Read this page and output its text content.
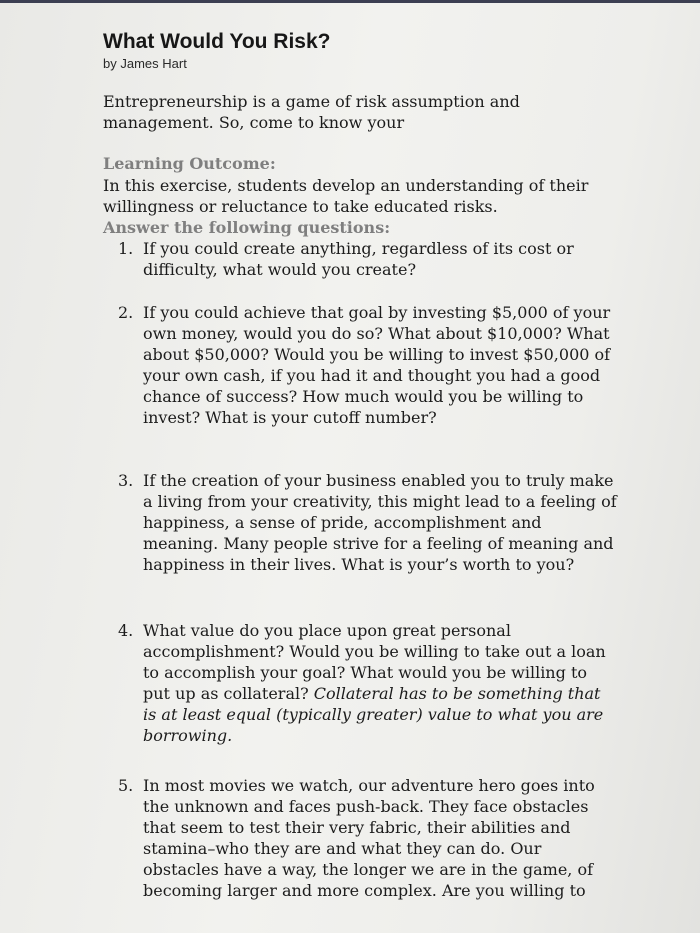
What Would You Risk?
by James Hart
Entrepreneurship is a game of risk assumption and management. So, come to know your
Learning Outcome:
In this exercise, students develop an understanding of their willingness or reluctance to take educated risks.
Answer the following questions:
1. If you could create anything, regardless of its cost or difficulty, what would you create?
2. If you could achieve that goal by investing $5,000 of your own money, would you do so? What about $10,000? What about $50,000? Would you be willing to invest $50,000 of your own cash, if you had it and thought you had a good chance of success? How much would you be willing to invest? What is your cutoff number?
3. If the creation of your business enabled you to truly make a living from your creativity, this might lead to a feeling of happiness, a sense of pride, accomplishment and meaning. Many people strive for a feeling of meaning and happiness in their lives. What is your’s worth to you?
4. What value do you place upon great personal accomplishment? Would you be willing to take out a loan to accomplish your goal? What would you be willing to put up as collateral? Collateral has to be something that is at least equal (typically greater) value to what you are borrowing.
5. In most movies we watch, our adventure hero goes into the unknown and faces push-back. They face obstacles that seem to test their very fabric, their abilities and stamina–who they are and what they can do. Our obstacles have a way, the longer we are in the game, of becoming larger and more complex. Are you willing to
